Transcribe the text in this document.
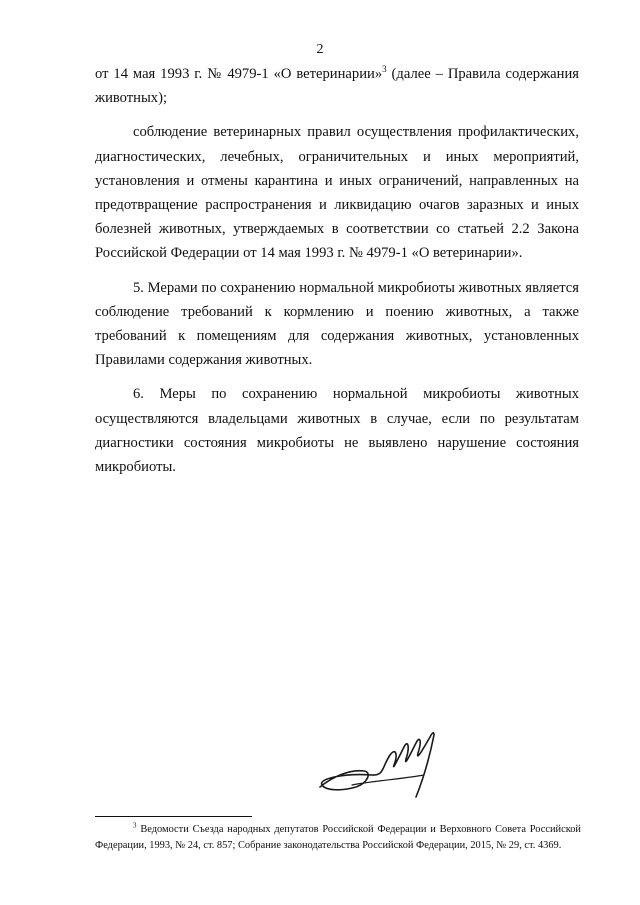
2

от 14 мая 1993 г. № 4979-1 «О ветеринарии»$^3$ (далее – Правила содержания животных);

соблюдение ветеринарных правил осуществления профилактических, диагностических, лечебных, ограничительных и иных мероприятий, установления и отмены карантина и иных ограничений, направленных на предотвращение распространения и ликвидацию очагов заразных и иных болезней животных, утверждаемых в соответствии со статьей 2.2 Закона Российской Федерации от 14 мая 1993 г. № 4979-1 «О ветеринарии».

5. Мерами по сохранению нормальной микробиоты животных является соблюдение требований к кормлению и поению животных, а также требований к помещениям для содержания животных, установленных Правилами содержания животных.

6. Меры по сохранению нормальной микробиоты животных осуществляются владельцами животных в случае, если по результатам диагностики состояния микробиоты не выявлено нарушение состояния микробиоты.

$^3$ Ведомости Съезда народных депутатов Российской Федерации и Верховного Совета Российской Федерации, 1993, № 24, ст. 857; Собрание законодательства Российской Федерации, 2015, № 29, ст. 4369.
